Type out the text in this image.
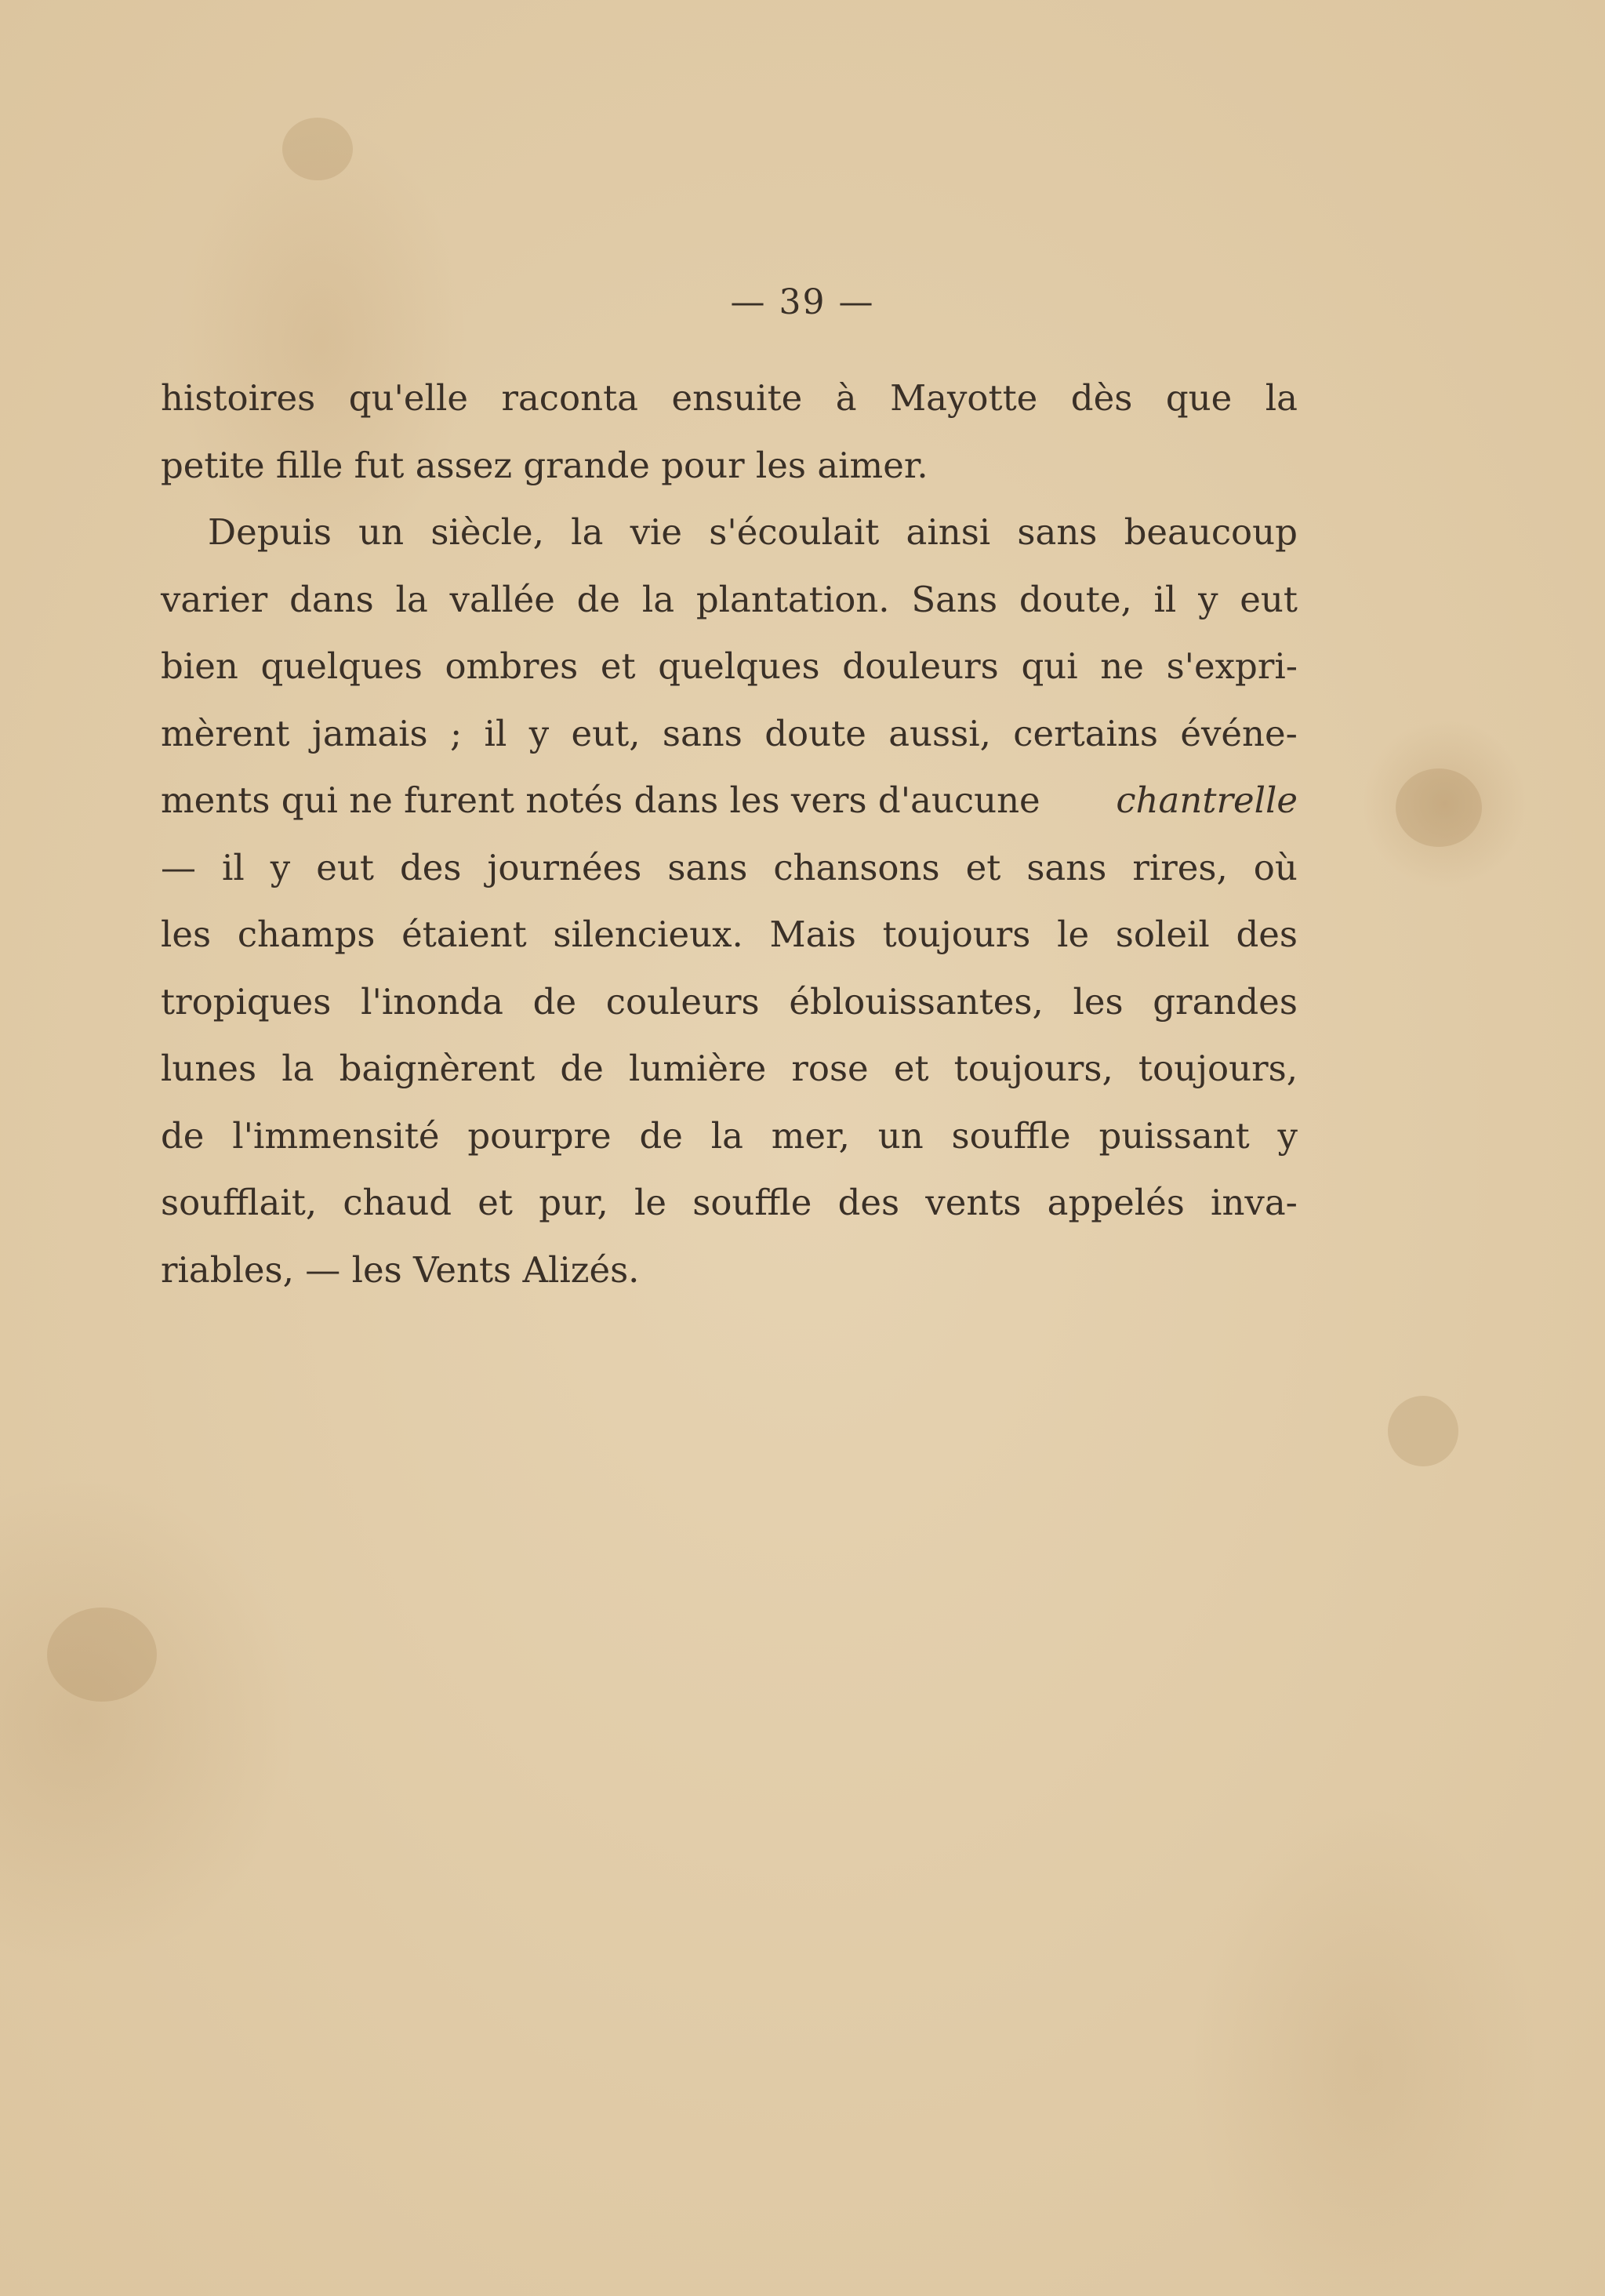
— 39 —
histoires qu'elle raconta ensuite à Mayotte dès que la
petite fille fut assez grande pour les aimer.
Depuis un siècle, la vie s'écoulait ainsi sans beaucoup
varier dans la vallée de la plantation. Sans doute, il y eut
bien quelques ombres et quelques douleurs qui ne s'expri-
mèrent jamais ; il y eut, sans doute aussi, certains événe-
ments qui ne furent notés dans les vers d'aucune chantrelle
— il y eut des journées sans chansons et sans rires, où
les champs étaient silencieux. Mais toujours le soleil des
tropiques l'inonda de couleurs éblouissantes, les grandes
lunes la baignèrent de lumière rose et toujours, toujours,
de l'immensité pourpre de la mer, un souffle puissant y
soufflait, chaud et pur, le souffle des vents appelés inva-
riables, — les Vents Alizés.
